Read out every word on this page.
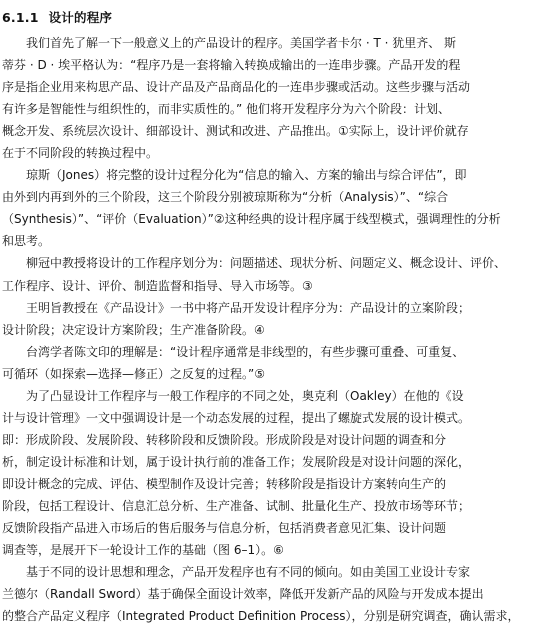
6.1.1 设计的程序
我们首先了解一下一般意义上的产品设计的程序。美国学者卡尔 · T · 犹里齐、 斯
蒂芬 · D · 埃平格认为：“程序乃是一套将输入转换成输出的一连串步骤。产品开发的程
序是指企业用来构思产品、设计产品及产品商品化的一连串步骤或活动。这些步骤与活动
有许多是智能性与组织性的，而非实质性的。” 他们将开发程序分为六个阶段：计划、
概念开发、系统层次设计、细部设计、测试和改进、产品推出。①实际上，设计评价就存
在于不同阶段的转换过程中。
琼斯（Jones）将完整的设计过程分化为“信息的输入、方案的输出与综合评估”，即
由外到内再到外的三个阶段，这三个阶段分别被琼斯称为“分析（Analysis）”、“综合
（Synthesis）”、“评价（Evaluation）”②这种经典的设计程序属于线型模式，强调理性的分析
和思考。
柳冠中教授将设计的工作程序划分为：问题描述、现状分析、问题定义、概念设计、评价、
工作程序、设计、评价、制造监督和指导、导入市场等。③
王明旨教授在《产品设计》一书中将产品开发设计程序分为：产品设计的立案阶段；
设计阶段；决定设计方案阶段；生产准备阶段。④
台湾学者陈文印的理解是：“设计程序通常是非线型的，有些步骤可重叠、可重复、
可循环（如探索—选择—修正）之反复的过程。”⑤
为了凸显设计工作程序与一般工作程序的不同之处，奥克利（Oakley）在他的《设
计与设计管理》一文中强调设计是一个动态发展的过程，提出了螺旋式发展的设计模式。
即：形成阶段、发展阶段、转移阶段和反馈阶段。形成阶段是对设计问题的调查和分
析，制定设计标准和计划，属于设计执行前的准备工作；发展阶段是对设计问题的深化，
即设计概念的完成、评估、模型制作及设计完善；转移阶段是指设计方案转向生产的
阶段，包括工程设计、信息汇总分析、生产准备、试制、批量化生产、投放市场等环节；
反馈阶段指产品进入市场后的售后服务与信息分析，包括消费者意见汇集、设计问题
调查等，是展开下一轮设计工作的基础（图 6–1）。⑥
基于不同的设计思想和理念，产品开发程序也有不同的倾向。如由美国工业设计专家
兰德尔（Randall Sword）基于确保全面设计效率，降低开发新产品的风险与开发成本提出
的整合产品定义程序（Integrated Product Definition Process），分别是研究调查，确认需求，
